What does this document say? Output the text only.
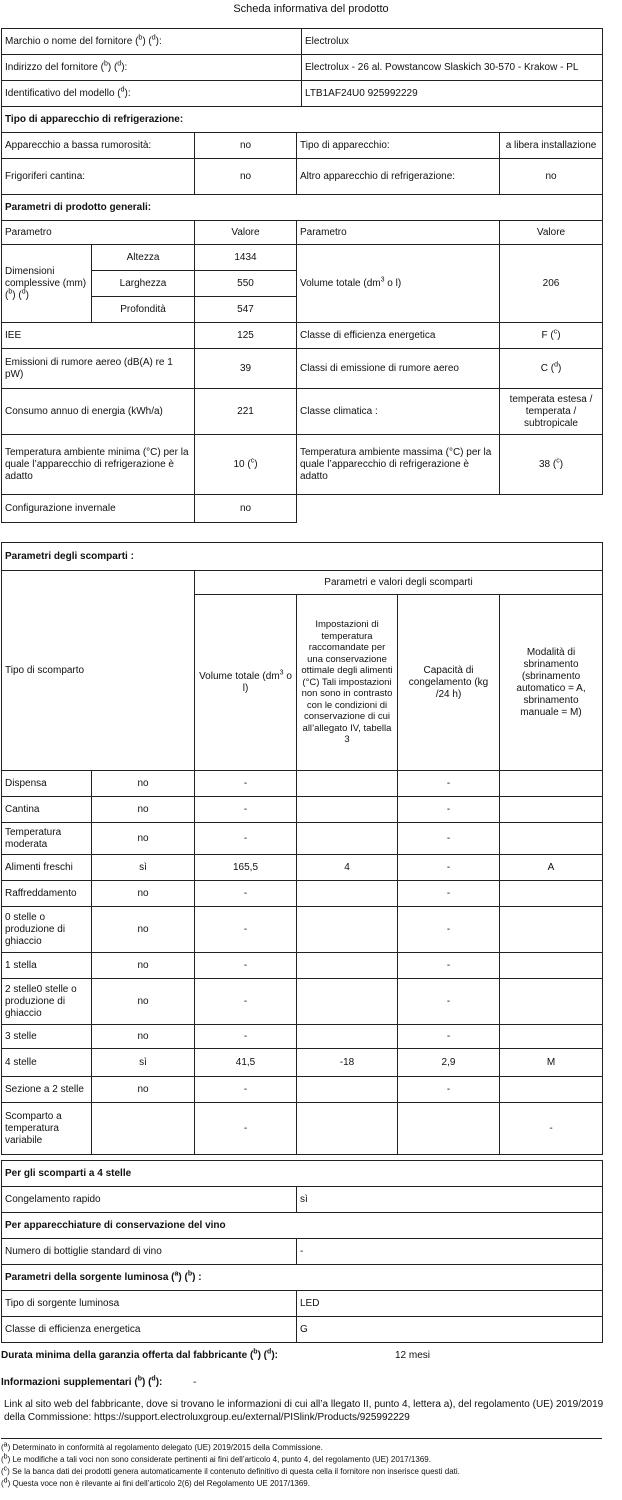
Scheda informativa del prodotto
Marchio o nome del fornitore ($^b$) ($^d$):	Electrolux
Indirizzo del fornitore ($^b$) ($^d$):	Electrolux - 26 al. Powstancow Slaskich 30-570 - Krakow - PL
Identificativo del modello ($^d$):	LTB1AF24U0 925992229
Tipo di apparecchio di refrigerazione:				
Apparecchio a bassa rumorosità:		no	Tipo di apparecchio:	a libera installazione
Frigoriferi cantina:		no	Altro apparecchio di refrigerazione:	no
Parametri di prodotto generali:				
Parametro		Valore	Parametro	Valore
Dimensioni complessive (mm) ($^b$) ($^d$)	Altezza	1434	Volume totale ($dm^3$ o l)	206
	Larghezza	550		
	Profondità	547		
IEE		125	Classe di efficienza energetica	F ($^c$)
Emissioni di rumore aereo (dB(A) re 1 pW)		39	Classi di emissione di rumore aereo	C ($^d$)
Consumo annuo di energia (kWh/a)		221	Classe climatica :	temperata estesa / temperata / subtropicale
Temperatura ambiente minima (°C) per la quale l’apparecchio di refrigerazione è adatto		10 ($^c$)	Temperatura ambiente massima (°C) per la quale l’apparecchio di refrigerazione è adatto	38 ($^c$)
Configurazione invernale		no		
Parametri degli scomparti :					
Tipo di scomparto		Parametri e valori degli scomparti			
		Volume totale ($dm^3$ o l)	Impostazioni di temperatura raccomandate per una conservazione ottimale degli alimenti (°C) Tali impostazioni non sono in contrasto con le condizioni di conservazione di cui all’allegato IV, tabella 3	Capacità di congelamento (kg /24 h)	Modalità di sbrinamento (sbrinamento automatico = A, sbrinamento manuale = M)
Dispensa	no	-		-	
Cantina	no	-		-	
Temperatura moderata	no	-		-	
Alimenti freschi	sì	165,5	4	-	A
Raffreddamento	no	-		-	
0 stelle o produzione di ghiaccio	no	-		-	
1 stella	no	-		-	
2 stelle0 stelle o produzione di ghiaccio	no	-		-	
3 stelle	no	-		-	
4 stelle	sì	41,5	-18	2,9	M
Sezione a 2 stelle	no	-		-	
Scomparto a temperatura variabile		-			-
Per gli scomparti a 4 stelle	
Congelamento rapido	sì
Per apparecchiature di conservazione del vino	
Numero di bottiglie standard di vino	-
Parametri della sorgente luminosa ($^a$) ($^b$) :	
Tipo di sorgente luminosa	LED
Classe di efficienza energetica	G
Durata minima della garanzia offerta dal fabbricante ($^b$) ($^d$):	12 mesi
Informazioni supplementari ($^b$) ($^d$):	-
Link al sito web del fabbricante, dove si trovano le informazioni di cui all’a llegato II, punto 4, lettera a), del regolamento (UE) 2019/2019 della Commissione: https://support.electroluxgroup.eu/external/PISlink/Products/925992229
($^a$) Determinato in conformità al regolamento delegato (UE) 2019/2015 della Commissione.
($^b$) Le modifiche a tali voci non sono considerate pertinenti ai fini dell’articolo 4, punto 4, del regolamento (UE) 2017/1369.
($^c$) Se la banca dati dei prodotti genera automaticamente il contenuto definitivo di questa cella il fornitore non inserisce questi dati.
($^d$) Questa voce non è rilevante ai fini dell’articolo 2(6) del Regolamento UE 2017/1369.
